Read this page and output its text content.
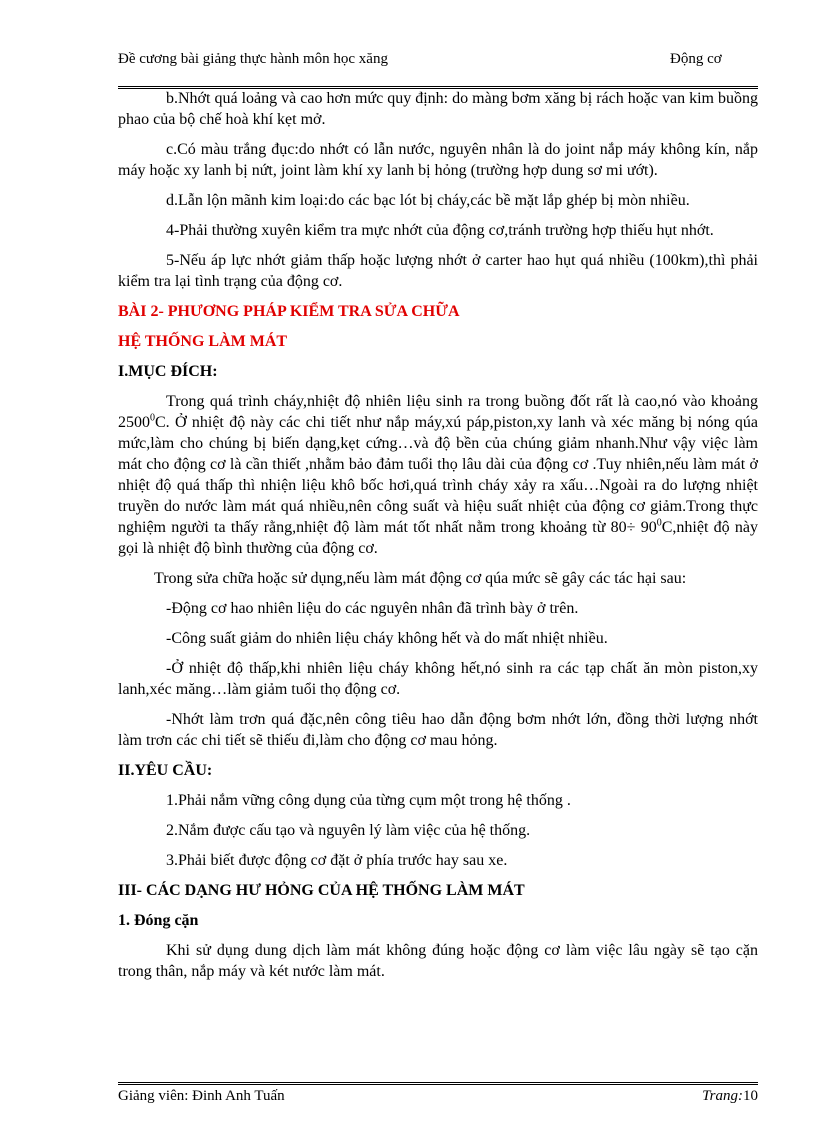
Đề cương bài giảng thực hành môn học xăng	Động cơ

b.Nhớt quá loảng và cao hơn mức quy định: do màng bơm xăng bị rách hoặc van kim buồng phao của bộ chế hoà khí kẹt mở.

c.Có màu trắng đục:do nhớt có lẫn nước, nguyên nhân là do joint nắp máy không kín, nắp máy hoặc xy lanh bị nứt, joint làm khí xy lanh bị hỏng (trường hợp dung sơ mi ướt).

d.Lẫn lộn mãnh kim loại:do các bạc lót bị cháy,các bề mặt lắp ghép bị mòn nhiều.

4-Phải thường xuyên kiểm tra mực nhớt của động cơ,tránh trường hợp thiếu hụt nhớt.

5-Nếu áp lực nhớt giảm thấp hoặc lượng nhớt ở carter hao hụt quá nhiều (100km),thì phải kiểm tra lại tình trạng của động cơ.

BÀI 2- PHƯƠNG PHÁP KIỂM TRA SỬA CHỮA
HỆ THỐNG LÀM MÁT
I.MỤC ĐÍCH:

Trong quá trình cháy,nhiệt độ nhiên liệu sinh ra trong buồng đốt rất là cao,nó vào khoảng 2500$^0$C. Ở nhiệt độ này các chi tiết như nắp máy,xú páp,piston,xy lanh và xéc măng bị nóng qúa mức,làm cho chúng bị biến dạng,kẹt cứng…và độ bền của chúng giảm nhanh.Như vậy việc làm mát cho động cơ là cần thiết ,nhằm bảo đảm tuổi thọ lâu dài của động cơ .Tuy nhiên,nếu làm mát ở nhiệt độ quá thấp thì nhiện liệu khô bốc hơi,quá trình cháy xảy ra xấu…Ngoài ra do lượng nhiệt truyền do nước làm mát quá nhiều,nên công suất và hiệu suất nhiệt của động cơ giảm.Trong thực nghiệm người ta thấy rằng,nhiệt độ làm mát tốt nhất nằm trong khoảng từ $80\div 90^0C,nhiệt$ độ này gọi là nhiệt độ bình thường của động cơ.

Trong sửa chữa hoặc sử dụng,nếu làm mát động cơ qúa mức sẽ gây các tác hại sau:

-Động cơ hao nhiên liệu do các nguyên nhân đã trình bày ở trên.

-Công suất giảm do nhiên liệu cháy không hết và do mất nhiệt nhiều.

-Ở nhiệt độ thấp,khi nhiên liệu cháy không hết,nó sinh ra các tạp chất ăn mòn piston,xy lanh,xéc măng…làm giảm tuổi thọ động cơ.

-Nhớt làm trơn quá đặc,nên công tiêu hao dẫn động bơm nhớt lớn, đồng thời lượng nhớt làm trơn các chi tiết sẽ thiếu đi,làm cho động cơ mau hỏng.

II.YÊU CẦU:

1.Phải nắm vững công dụng của từng cụm một trong hệ thống .

2.Nắm được cấu tạo và nguyên lý làm việc của hệ thống.

3.Phải biết được động cơ đặt ở phía trước hay sau xe.

III- CÁC DẠNG HƯ HỎNG CỦA HỆ THỐNG LÀM MÁT
1. Đóng cặn

Khi sử dụng dung dịch làm mát không đúng hoặc động cơ làm việc lâu ngày sẽ tạo cặn trong thân, nắp máy và két nước làm mát.

Giảng viên: Đinh Anh Tuấn	Trang:10
